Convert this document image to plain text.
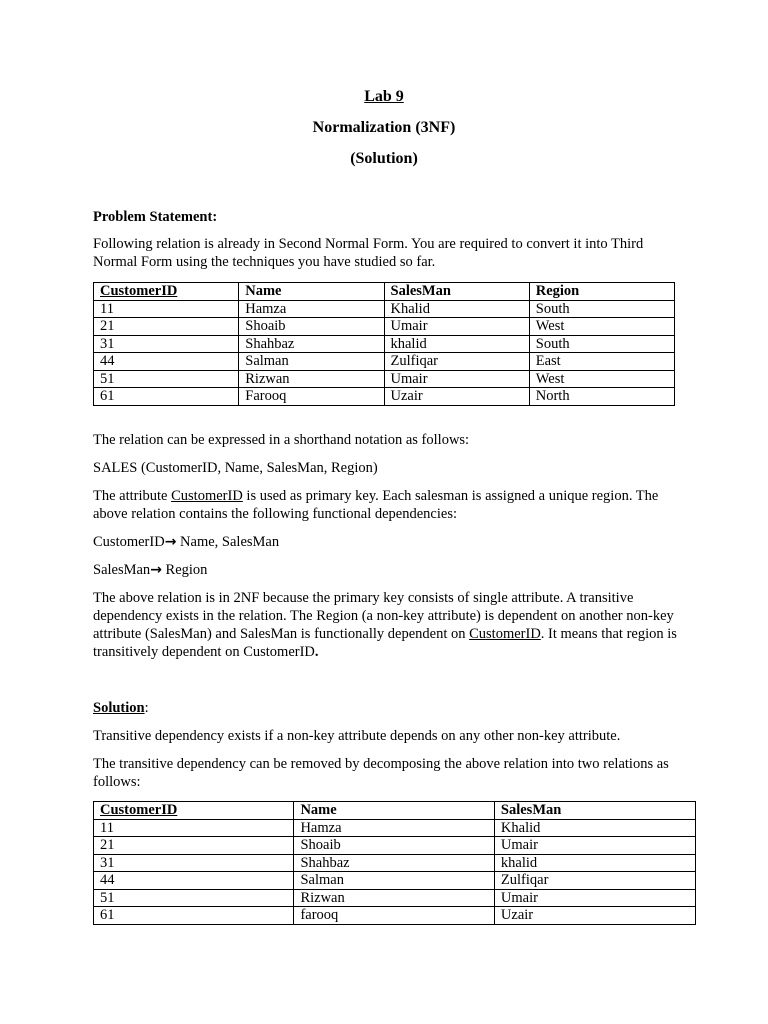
Lab 9
Normalization (3NF)
(Solution)
Problem Statement:
Following relation is already in Second Normal Form. You are required to convert it into Third Normal Form using the techniques you have studied so far.
CustomerID	Name	SalesMan	Region
11	Hamza	Khalid	South
21	Shoaib	Umair	West
31	Shahbaz	khalid	South
44	Salman	Zulfiqar	East
51	Rizwan	Umair	West
61	Farooq	Uzair	North
The relation can be expressed in a shorthand notation as follows:
SALES (CustomerID, Name, SalesMan, Region)
The attribute CustomerID is used as primary key. Each salesman is assigned a unique region. The above relation contains the following functional dependencies:
CustomerID→ Name, SalesMan
SalesMan→ Region
The above relation is in 2NF because the primary key consists of single attribute. A transitive dependency exists in the relation. The Region (a non-key attribute) is dependent on another non-key attribute (SalesMan) and SalesMan is functionally dependent on CustomerID. It means that region is transitively dependent on CustomerID.
Solution:
Transitive dependency exists if a non-key attribute depends on any other non-key attribute.
The transitive dependency can be removed by decomposing the above relation into two relations as follows:
CustomerID	Name	SalesMan
11	Hamza	Khalid
21	Shoaib	Umair
31	Shahbaz	khalid
44	Salman	Zulfiqar
51	Rizwan	Umair
61	farooq	Uzair
